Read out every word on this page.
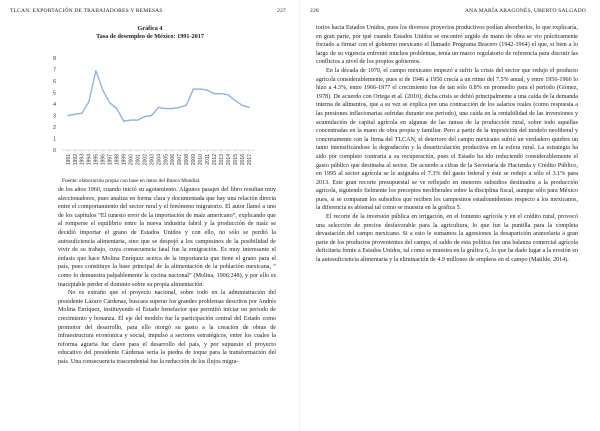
TLCAN, EXPORTACIÓN DE TRABAJADORES Y REMESAS	227
Gráfica 4
Tasa de desempleo de México: 1991-2017
0
1
2
3
4
5
6
7
8
1991 1992 1993 1994 1995 1996 1997 1998 1999 2000 2001 2002 2003 2004 2005 2006 2007 2008 2009 2010 2011 2012 2013 2014 2015 2016 2017
Fuente: elaboración propia con base en datos del Banco Mundial.

de los años 1960, cuando inició su agotamiento. Algunos pasajes del libro resultan muy aleccionadores, pues analiza en forma clara y documentada que hay una relación directa entre el comportamiento del sector rural y el fenómeno migratorio. El autor llamó a uno de los capítulos “El tunesto error de la importación de maíz americano”, explicando que al romperse el equilibrio entre la nueva industria fabril y la producción de maíz se decidió importar el grano de Estados Unidos y con ello, no sólo se perdió la autosuficiencia alimentaria, sino que se despojó a los campesinos de la posibilidad de vivir de su trabajo, cuya consecuencia fatal fue la emigración. Es muy interesante el énfasis que hace Molina Enríquez acerca de la importancia que tiene el grano para el país, pues constituye la base principal de la alimentación de la población mexicana, “ como lo demuestra palpablemente la cocina nacional” (Molina, 1906:248), y por ello es inaceptable perder el dominio sobre su propia alimentación.

No es extraño que el proyecto nacional, sobre todo en la administración del presidente Lázaro Cárdenas, buscara superar los grandes problemas descritos por Andrés Molina Enríquez, instituyendo el Estado benefactor que permitió iniciar un periodo de crecimiento y bonanza. El eje del modelo fue la participación central del Estado como promotor del desarrollo, para ello otorgó su gasto a la creación de obras de infraestructura económica y social, impulsó a sectores estratégicos, entre los cuales la reforma agraria fue clave para el desarrollo del país, y por supuesto el proyecto educativo del presidente Cárdenas sería la piedra de toque para la transformación del país. Una consecuencia trascendental fue la reducción de los flujos migra-

228	ANA MARÍA ARAGONÉS, UBERTO SALGADO

torios hacia Estados Unidos, pues los diversos proyectos productivos podían absorberlos, lo que explicaría, en gran parte, por qué cuando Estados Unidos se encontró urgido de mano de obra se vio prácticamente forzado a firmar con el gobierno mexicano el llamado Programa Bracero (1942-1964) el que, si bien a lo largo de su vigencia enfrentó muchos problemas, tenía un marco regulatorio de referencia para discutir las conflictos a nivel de los propios gobiernos.

En la década de 1970, el campo mexicano empezó a sufrir la crisis del sector que redujo el producto agrícola considerablemente, pues si de 1946 a 1956 crecía a un ritmo del 7.5% anual, y entre 1956-1966 lo hizo a 4.3%, entre 1966-1977 el crecimiento fue de tan sólo 0.8% en promedio para el periodo (Gómez, 1978). De acuerdo con Ortega et al. (2010), dicha crisis se debió principalmente a una caída de la demanda interna de alimentos, que a su vez se explica por una contracción de los salarios reales (como respuesta a las presiones inflacionarias sufridas durante ese periodo), una caída en la rentabilidad de las inversiones y acumulación de capital agrícola en algunas de las ramas de la producción rural, sobre todo aquellas concentradas en la mano de obra propia y familiar. Pero a partir de la imposición del modelo neoliberal y concretamente con la firma del TLCAN, el deterioro del campo mexicano sufrió un verdadero quiebre un tanto intensificándose la degradación y la desarticulación productiva en la esfera rural. La estrategia ha sido por completo contraria a su recuperación, pues el Estado ha ido reduciendo considerablemente el gasto público que destinaba al sector. De acuerdo a cifras de la Secretaría de Hacienda y Crédito Público, en 1995 al sector agrícola se le asignaba el 7.3% del gasto federal y éste se redujo a sólo el 3.1% para 2013. Este gran recorte presupuestal se ve reflejado en menores subsidios destinados a la producción agrícola, siguiendo fielmente los preceptos neoliberales sobre la disciplina fiscal, aunque sólo para México pues, si se comparan los subsidios que reciben los campesinos estadounidenses respecto a los mexicanos, la diferencia es abismal tal como se muestra en la gráfica 5.

El recorte de la inversión pública en irrigación, en el fomento agrícola y en el crédito rural, provocó una selección de precios desfavorable para la agricultura, lo que fue la puntilla para la completa devastación del campo mexicano. Si a esto le sumamos la agresiones la desaparición arancelaria a gran parte de los productos provenientes del campo, el saldo de esta política fue una balanza comercial agrícola deficitaria frente a Estados Unidos, tal como se muestra en la gráfica 6, lo que ha dado lugar a la erosión en la autosuficiencia alimentaria y la eliminación de 4.9 millones de empleos en el campo (Matilde, 2014).
